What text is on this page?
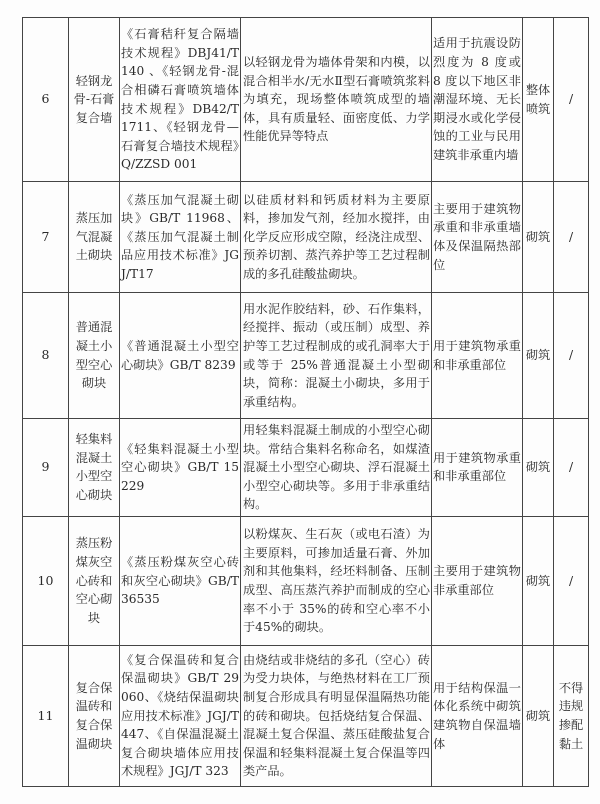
6	轻钢龙骨-石膏复合墙	《石膏秸秆复合隔墙技术规程》DBJ41/T 140 、《轻钢龙骨-混合相磷石膏喷筑墙体技术规程》DB42/T 1711、《轻钢龙骨—石膏复合墙技术规程》Q/ZZSD 001	以轻钢龙骨为墙体骨架和内模，以混合相半水/无水Ⅱ型石膏喷筑浆料为填充，现场整体喷筑成型的墙体，具有质量轻、面密度低、力学性能优异等特点	适用于抗震设防烈度为 8 度或 8 度以下地区非潮湿环境、无长期浸水或化学侵蚀的工业与民用建筑非承重内墙	整体喷筑	/
7	蒸压加气混凝土砌块	《蒸压加气混凝土砌块》GB/T 11968、《蒸压加气混凝土制品应用技术标准》JGJ/T17	以硅质材料和钙质材料为主要原料，掺加发气剂，经加水搅拌，由化学反应形成空隙，经浇注成型、预养切割、蒸汽养护等工艺过程制成的多孔硅酸盐砌块。	主要用于建筑物承重和非承重墙体及保温隔热部位	砌筑	/
8	普通混凝土小型空心砌块	《普通混凝土小型空心砌块》GB/T 8239	用水泥作胶结料，砂、石作集料，经搅拌、振动（或压制）成型、养护等工艺过程制成的或孔洞率大于或等于 25%普通混凝土小型砌块，简称：混凝土小砌块，多用于承重结构。	用于建筑物承重和非承重部位	砌筑	/
9	轻集料混凝土小型空心砌块	《轻集料混凝土小型空心砌块》GB/T 15229	用轻集料混凝土制成的小型空心砌块。常结合集料名称命名，如煤渣混凝土小型空心砌块、浮石混凝土小型空心砌块等。多用于非承重结构。	用于建筑物承重和非承重部位	砌筑	/
10	蒸压粉煤灰空心砖和空心砌块	《蒸压粉煤灰空心砖和灰空心砌块》GB/T 36535	以粉煤灰、生石灰（或电石渣）为主要原料，可掺加适量石膏、外加剂和其他集料，经坯料制备、压制成型、高压蒸汽养护而制成的空心率不小于 35%的砖和空心率不小于45%的砌块。	主要用于建筑物非承重部位	砌筑	/
11	复合保温砖和复合保温砌块	《复合保温砖和复合保温砌块》GB/T 29060、《烧结保温砌块应用技术标准》JGJ/T 447、《自保温混凝土复合砌块墙体应用技术规程》JGJ/T 323	由烧结或非烧结的多孔（空心）砖为受力块体，与绝热材料在工厂预制复合形成具有明显保温隔热功能的砖和砌块。包括烧结复合保温、混凝土复合保温、蒸压硅酸盐复合保温和轻集料混凝土复合保温等四类产品。	用于结构保温一体化系统中砌筑建筑物自保温墙体	砌筑	不得违规掺配黏土
